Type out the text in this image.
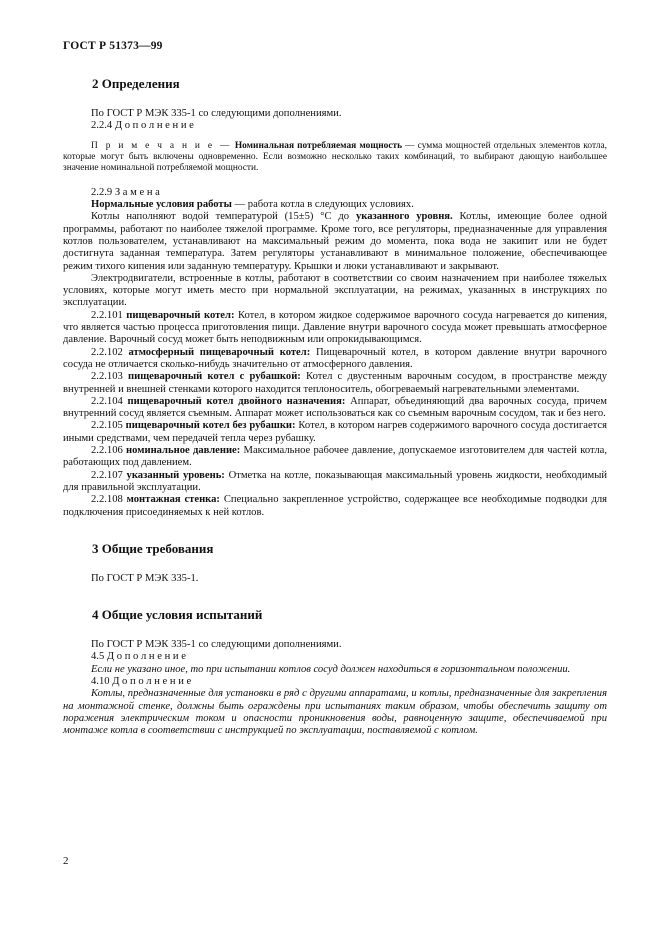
ГОСТ Р 51373—99
2 Определения

По ГОСТ Р МЭК 335-1 со следующими дополнениями.

2.2.4 Д о п о л н е н и е

П р и м е ч а н и е — Номинальная потребляемая мощность — сумма мощностей отдельных элементов котла, которые могут быть включены одновременно. Если возможно несколько таких комбинаций, то выбирают дающую наибольшее значение номинальной потребляемой мощности.

2.2.9 З а м е н а

Нормальные условия работы — работа котла в следующих условиях.

Котлы наполняют водой температурой (15±5) °С до указанного уровня. Котлы, имеющие более одной программы, работают по наиболее тяжелой программе. Кроме того, все регуляторы, предназначенные для управления котлов пользователем, устанавливают на максимальный режим до момента, пока вода не закипит или не будет достигнута заданная температура. Затем регуляторы устанавливают в минимальное положение, обеспечивающее режим тихого кипения или заданную температуру. Крышки и люки устанавливают и закрывают.

Электродвигатели, встроенные в котлы, работают в соответствии со своим назначением при наиболее тяжелых условиях, которые могут иметь место при нормальной эксплуатации, на режимах, указанных в инструкциях по эксплуатации.

2.2.101 пищеварочный котел: Котел, в котором жидкое содержимое варочного сосуда нагревается до кипения, что является частью процесса приготовления пищи. Давление внутри варочного сосуда может превышать атмосферное давление. Варочный сосуд может быть неподвижным или опрокидывающимся.

2.2.102 атмосферный пищеварочный котел: Пищеварочный котел, в котором давление внутри варочного сосуда не отличается сколько-нибудь значительно от атмосферного давления.

2.2.103 пищеварочный котел с рубашкой: Котел с двустенным варочным сосудом, в пространстве между внутренней и внешней стенками которого находится теплоноситель, обогреваемый нагревательными элементами.

2.2.104 пищеварочный котел двойного назначения: Аппарат, объединяющий два варочных сосуда, причем внутренний сосуд является съемным. Аппарат может использоваться как со съемным варочным сосудом, так и без него.

2.2.105 пищеварочный котел без рубашки: Котел, в котором нагрев содержимого варочного сосуда достигается иными средствами, чем передачей тепла через рубашку.

2.2.106 номинальное давление: Максимальное рабочее давление, допускаемое изготовителем для частей котла, работающих под давлением.

2.2.107 указанный уровень: Отметка на котле, показывающая максимальный уровень жидкости, необходимый для правильной эксплуатации.

2.2.108 монтажная стенка: Специально закрепленное устройство, содержащее все необходимые подводки для подключения присоединяемых к ней котлов.

3 Общие требования

По ГОСТ Р МЭК 335-1.

4 Общие условия испытаний

По ГОСТ Р МЭК 335-1 со следующими дополнениями.

4.5 Д о п о л н е н и е

Если не указано иное, то при испытании котлов сосуд должен находиться в горизонтальном положении.

4.10 Д о п о л н е н и е

Котлы, предназначенные для установки в ряд с другими аппаратами, и котлы, предназначенные для закрепления на монтажной стенке, должны быть ограждены при испытаниях таким образом, чтобы обеспечить защиту от поражения электрическим током и опасности проникновения воды, равноценную защите, обеспечиваемой при монтаже котла в соответствии с инструкцией по эксплуатации, поставляемой с котлом.

2
